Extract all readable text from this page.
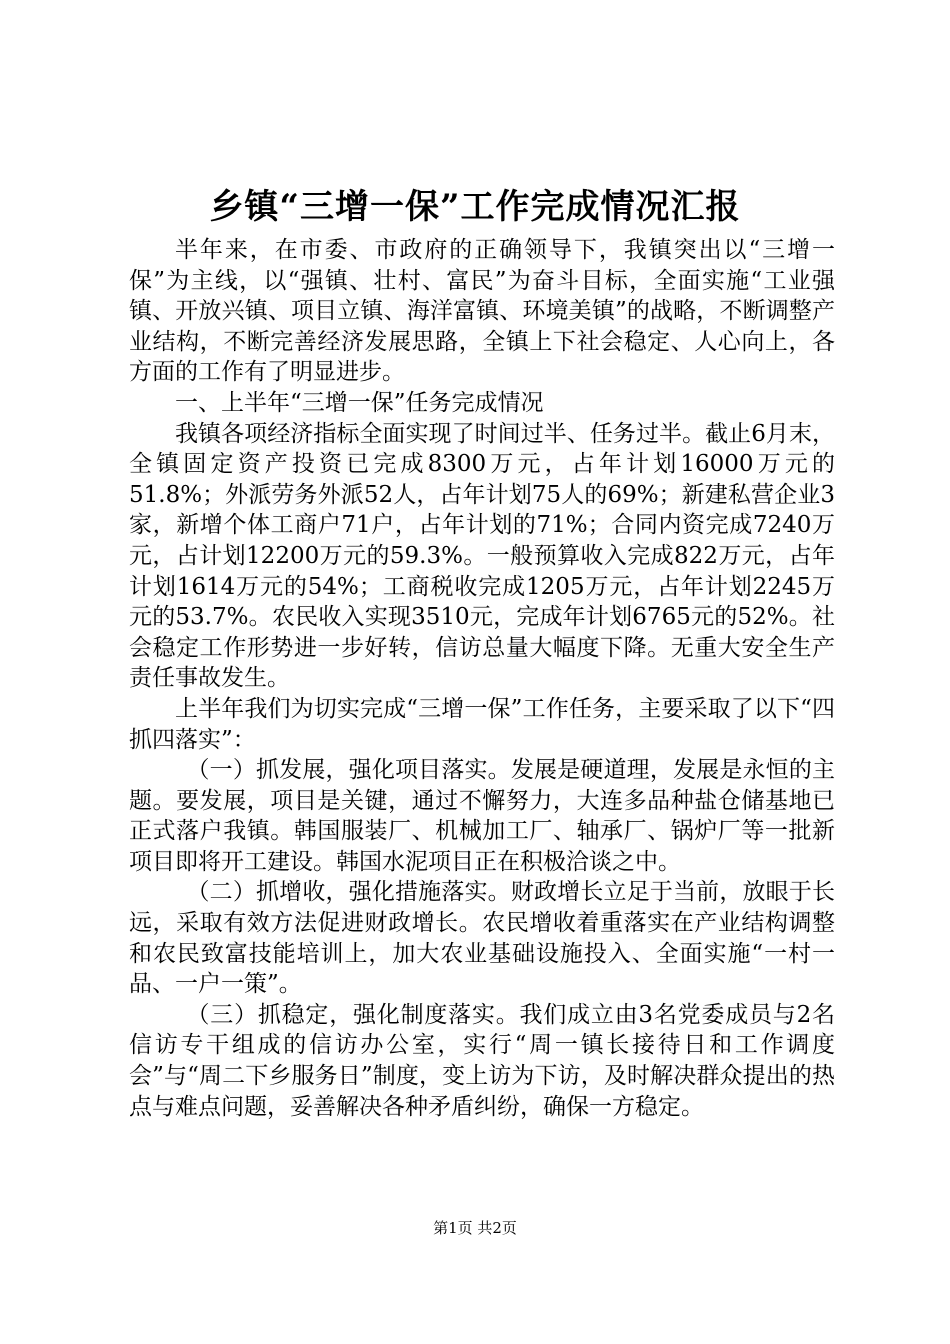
乡镇“三增一保”工作完成情况汇报

半年来，在市委、市政府的正确领导下，我镇突出以“三增一保”为主线，以“强镇、壮村、富民”为奋斗目标，全面实施“工业强镇、开放兴镇、项目立镇、海洋富镇、环境美镇”的战略，不断调整产业结构，不断完善经济发展思路，全镇上下社会稳定、人心向上，各方面的工作有了明显进步。

一、上半年“三增一保”任务完成情况

我镇各项经济指标全面实现了时间过半、任务过半。截止6月末，全镇固定资产投资已完成8300万元，占年计划16000万元的51.8%；外派劳务外派52人，占年计划75人的69%；新建私营企业3家，新增个体工商户71户，占年计划的71%；合同内资完成7240万元，占计划12200万元的59.3%。一般预算收入完成822万元，占年计划1614万元的54%；工商税收完成1205万元，占年计划2245万元的53.7%。农民收入实现3510元，完成年计划6765元的52%。社会稳定工作形势进一步好转，信访总量大幅度下降。无重大安全生产责任事故发生。

上半年我们为切实完成“三增一保”工作任务，主要采取了以下“四抓四落实”：

（一）抓发展，强化项目落实。发展是硬道理，发展是永恒的主题。要发展，项目是关键，通过不懈努力，大连多品种盐仓储基地已正式落户我镇。韩国服装厂、机械加工厂、轴承厂、锅炉厂等一批新项目即将开工建设。韩国水泥项目正在积极洽谈之中。

（二）抓增收，强化措施落实。财政增长立足于当前，放眼于长远，采取有效方法促进财政增长。农民增收着重落实在产业结构调整和农民致富技能培训上，加大农业基础设施投入、全面实施“一村一品、一户一策”。

（三）抓稳定，强化制度落实。我们成立由3名党委成员与2名信访专干组成的信访办公室，实行“周一镇长接待日和工作调度会”与“周二下乡服务日”制度，变上访为下访，及时解决群众提出的热点与难点问题，妥善解决各种矛盾纠纷，确保一方稳定。

第1页 共2页
